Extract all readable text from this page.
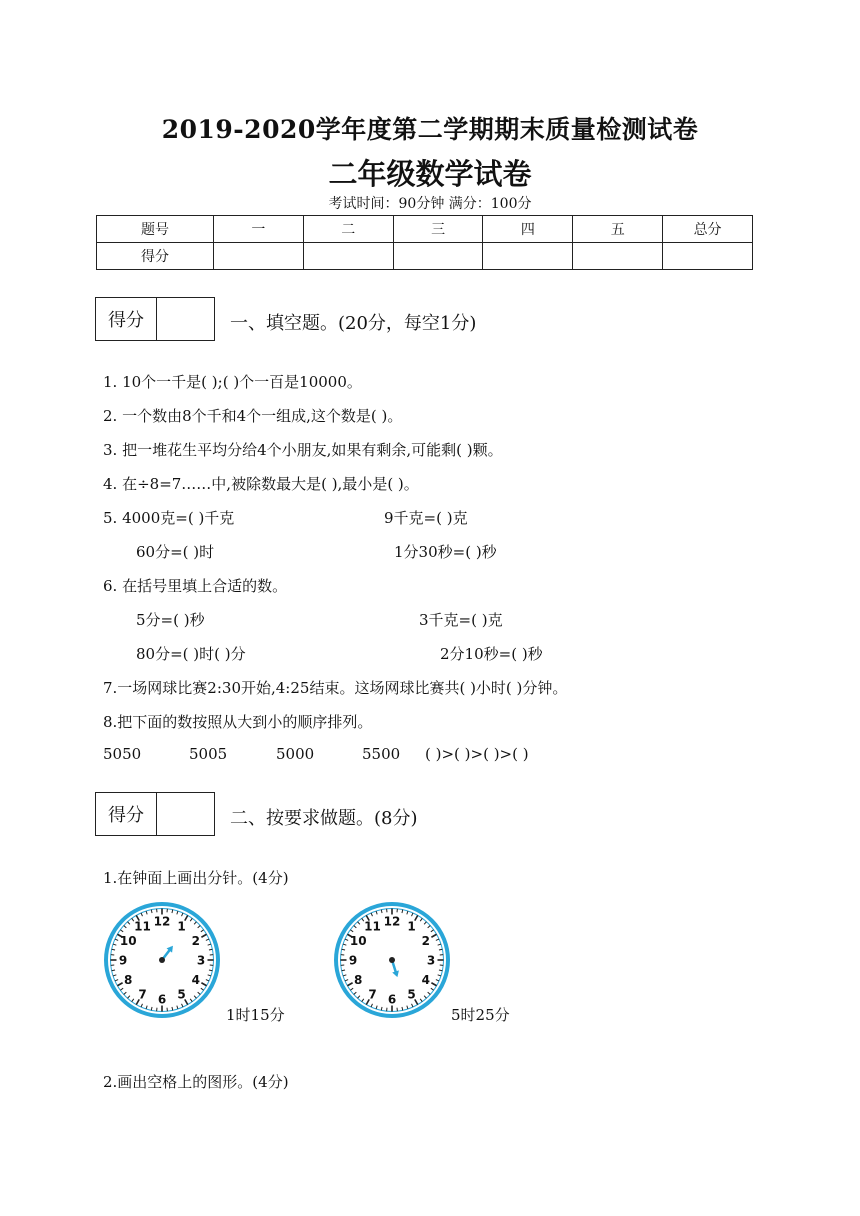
2019-2020学年度第二学期期末质量检测试卷
二年级数学试卷
考试时间：90分钟 满分：100分
题号	一	二	三	四	五	总分
得分						
得分	一、填空题。(20分，每空1分)
1. 10个一千是( );( )个一百是10000。
2. 一个数由8个千和4个一组成,这个数是( )。
3. 把一堆花生平均分给4个小朋友,如果有剩余,可能剩( )颗。
4. 在÷8=7……中,被除数最大是( ),最小是( )。
5. 4000克=( )千克	9千克=( )克
60分=( )时	1分30秒=( )秒
6. 在括号里填上合适的数。
5分=( )秒	3千克=( )克
80分=( )时( )分	2分10秒=( )秒
7.一场网球比赛2:30开始,4:25结束。这场网球比赛共( )小时( )分钟。
8.把下面的数按照从大到小的顺序排列。
5050	5005	5000	5500 ( )>( )>( )>( )
得分	二、按要求做题。(8分)
1.在钟面上画出分针。(4分)
12 1
2
3
4
5
6
7
8
9
10
11
1时15分
12 1
2
3
4
5
6
7
8
9
10
11
5时25分
2.画出空格上的图形。(4分)
